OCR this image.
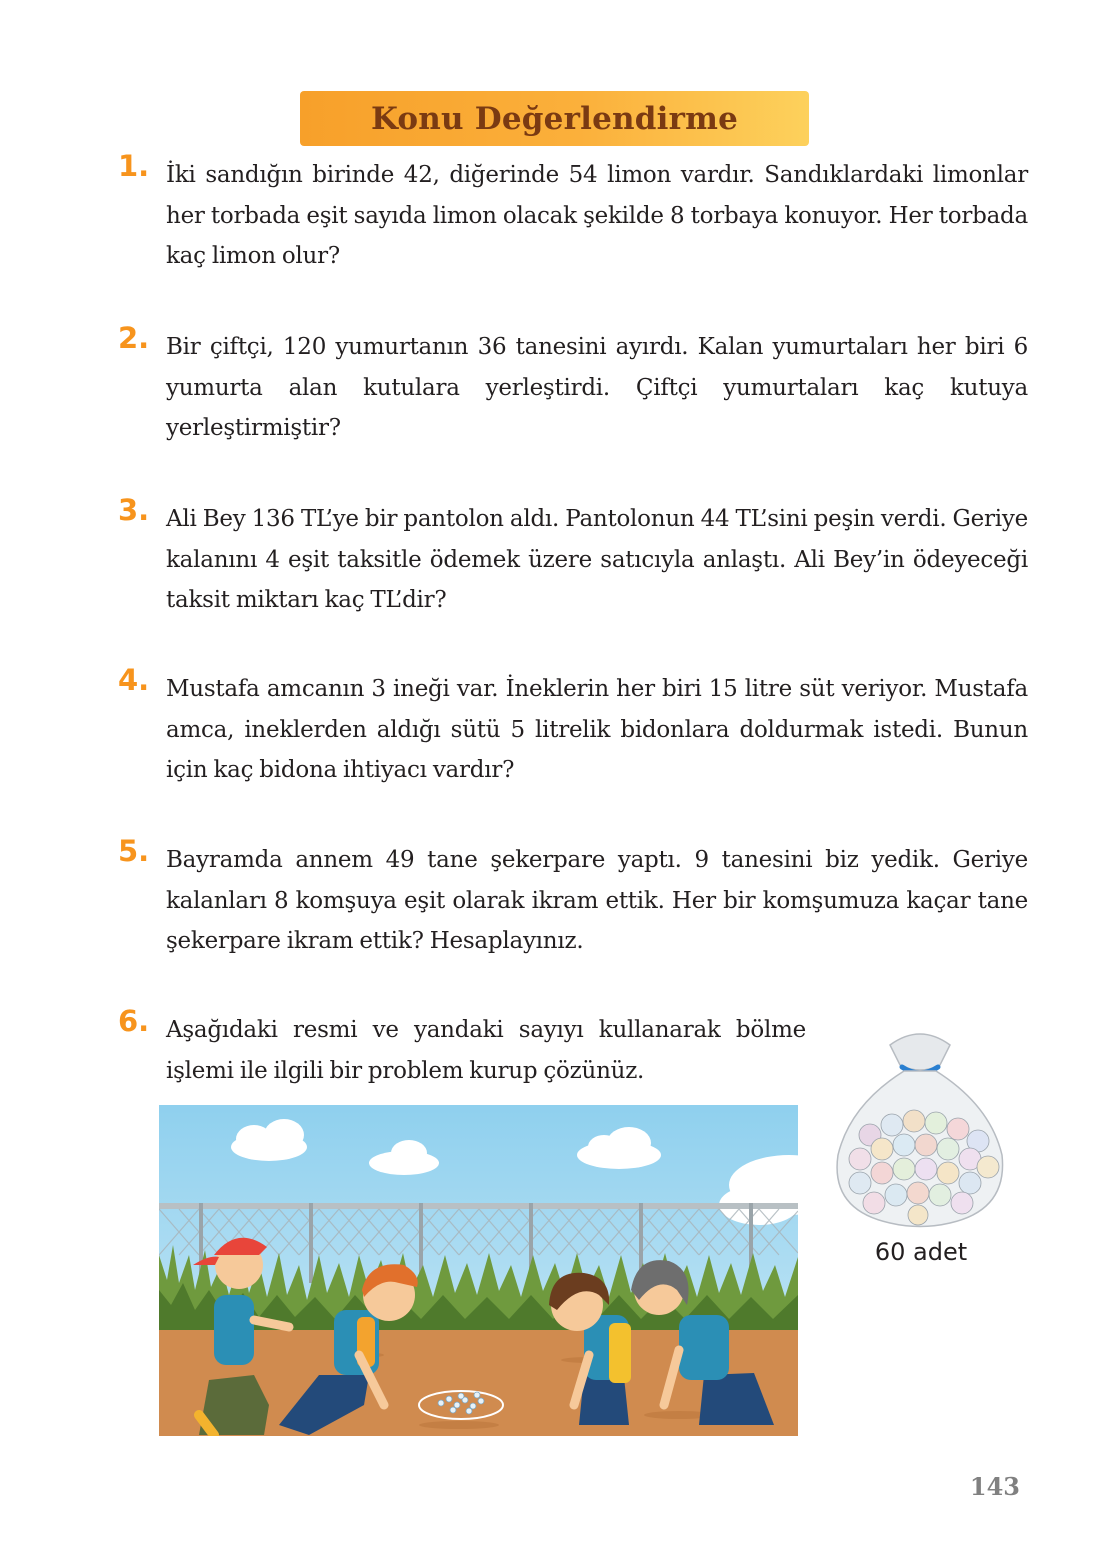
Konu Değerlendirme
1. İki sandığın birinde 42, diğerinde 54 limon vardır. Sandıklardaki limonlar her torbada eşit sayıda limon olacak şekilde 8 torbaya konuyor. Her torbada kaç limon olur?
2. Bir çiftçi, 120 yumurtanın 36 tanesini ayırdı. Kalan yumurtaları her biri 6 yumurta alan kutulara yerleştirdi. Çiftçi yumurtaları kaç kutuya yerleştirmiştir?
3. Ali Bey 136 TL’ye bir pantolon aldı. Pantolonun 44 TL’sini peşin verdi. Geriye kalanını 4 eşit taksitle ödemek üzere satıcıyla anlaştı. Ali Bey’in ödeyeceği taksit miktarı kaç TL’dir?
4. Mustafa amcanın 3 ineği var. İneklerin her biri 15 litre süt veriyor. Mustafa amca, ineklerden aldığı sütü 5 litrelik bidonlara doldurmak istedi. Bunun için kaç bidona ihtiyacı vardır?
5. Bayramda annem 49 tane şekerpare yaptı. 9 tanesini biz yedik. Geriye kalanları 8 komşuya eşit olarak ikram ettik. Her bir komşumuza kaçar tane şekerpare ikram ettik? Hesaplayınız.
6. Aşağıdaki resmi ve yandaki sayıyı kullanarak bölme işlemi ile ilgili bir problem kurup çözünüz.
60 adet
143
